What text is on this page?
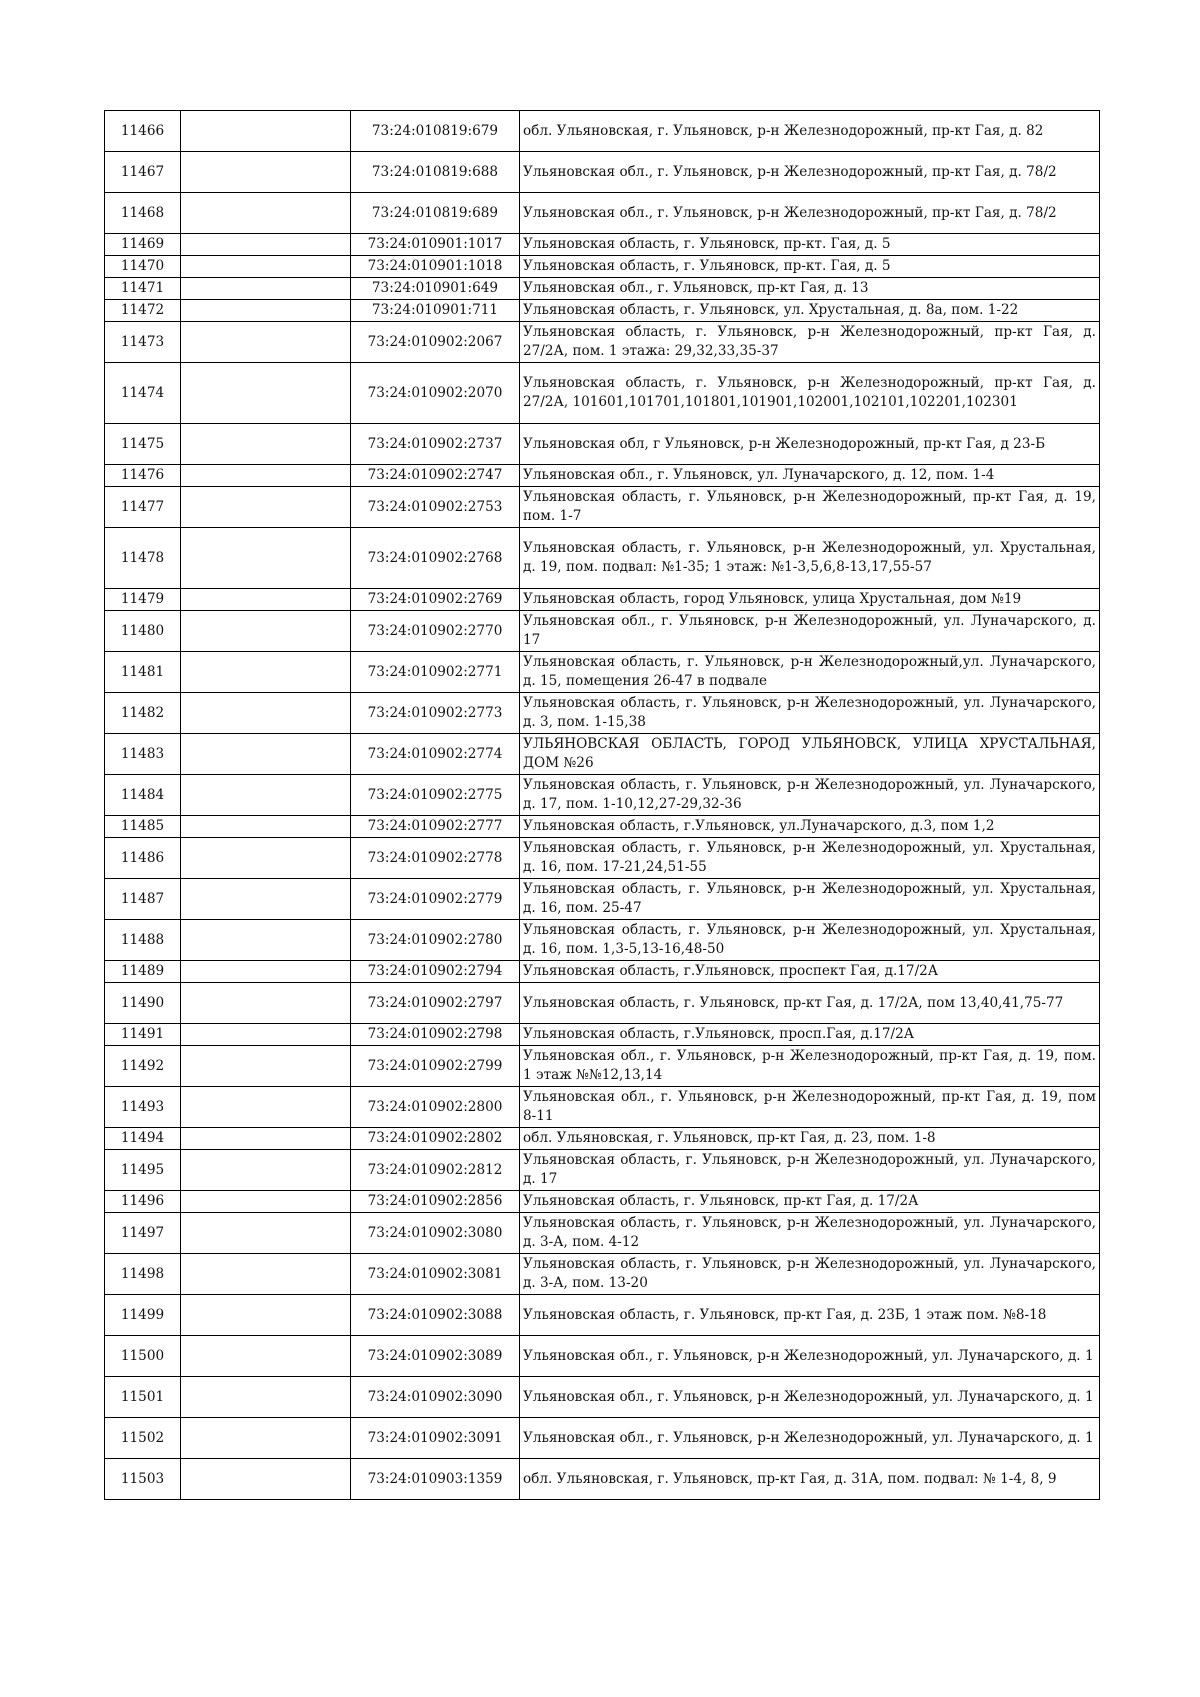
11466		73:24:010819:679	обл. Ульяновская, г. Ульяновск, р-н Железнодорожный, пр-кт Гая, д. 82
11467		73:24:010819:688	Ульяновская обл., г. Ульяновск, р-н Железнодорожный, пр-кт Гая, д. 78/2
11468		73:24:010819:689	Ульяновская обл., г. Ульяновск, р-н Железнодорожный, пр-кт Гая, д. 78/2
11469		73:24:010901:1017	Ульяновская область, г. Ульяновск, пр-кт. Гая, д. 5
11470		73:24:010901:1018	Ульяновская область, г. Ульяновск, пр-кт. Гая, д. 5
11471		73:24:010901:649	Ульяновская обл., г. Ульяновск, пр-кт Гая, д. 13
11472		73:24:010901:711	Ульяновская область, г. Ульяновск, ул. Хрустальная, д. 8а, пом. 1-22
11473		73:24:010902:2067	Ульяновская область, г. Ульяновск, р-н Железнодорожный, пр-кт Гая, д. 27/2А, пом. 1 этажа: 29,32,33,35-37
11474		73:24:010902:2070	Ульяновская область, г. Ульяновск, р-н Железнодорожный, пр-кт Гая, д. 27/2А, 101601,101701,101801,101901,102001,102101,102201,102301
11475		73:24:010902:2737	Ульяновская обл, г Ульяновск, р-н Железнодорожный, пр-кт Гая, д 23-Б
11476		73:24:010902:2747	Ульяновская обл., г. Ульяновск, ул. Луначарского, д. 12, пом. 1-4
11477		73:24:010902:2753	Ульяновская область, г. Ульяновск, р-н Железнодорожный, пр-кт Гая, д. 19, пом. 1-7
11478		73:24:010902:2768	Ульяновская область, г. Ульяновск, р-н Железнодорожный, ул. Хрустальная, д. 19, пом. подвал: №1-35; 1 этаж: №1-3,5,6,8-13,17,55-57
11479		73:24:010902:2769	Ульяновская область, город Ульяновск, улица Хрустальная, дом №19
11480		73:24:010902:2770	Ульяновская обл., г. Ульяновск, р-н Железнодорожный, ул. Луначарского, д. 17
11481		73:24:010902:2771	Ульяновская область, г. Ульяновск, р-н Железнодорожный,ул. Луначарского, д. 15, помещения 26-47 в подвале
11482		73:24:010902:2773	Ульяновская область, г. Ульяновск, р-н Железнодорожный, ул. Луначарского, д. 3, пом. 1-15,38
11483		73:24:010902:2774	УЛЬЯНОВСКАЯ ОБЛАСТЬ, ГОРОД УЛЬЯНОВСК, УЛИЦА ХРУСТАЛЬНАЯ, ДОМ №26
11484		73:24:010902:2775	Ульяновская область, г. Ульяновск, р-н Железнодорожный, ул. Луначарского, д. 17, пом. 1-10,12,27-29,32-36
11485		73:24:010902:2777	Ульяновская область, г.Ульяновск, ул.Луначарского, д.3, пом 1,2
11486		73:24:010902:2778	Ульяновская область, г. Ульяновск, р-н Железнодорожный, ул. Хрустальная, д. 16, пом. 17-21,24,51-55
11487		73:24:010902:2779	Ульяновская область, г. Ульяновск, р-н Железнодорожный, ул. Хрустальная, д. 16, пом. 25-47
11488		73:24:010902:2780	Ульяновская область, г. Ульяновск, р-н Железнодорожный, ул. Хрустальная, д. 16, пом. 1,3-5,13-16,48-50
11489		73:24:010902:2794	Ульяновская область, г.Ульяновск, проспект Гая, д.17/2А
11490		73:24:010902:2797	Ульяновская область, г. Ульяновск, пр-кт Гая, д. 17/2А, пом 13,40,41,75-77
11491		73:24:010902:2798	Ульяновская область, г.Ульяновск, просп.Гая, д.17/2А
11492		73:24:010902:2799	Ульяновская обл., г. Ульяновск, р-н Железнодорожный, пр-кт Гая, д. 19, пом. 1 этаж №№12,13,14
11493		73:24:010902:2800	Ульяновская обл., г. Ульяновск, р-н Железнодорожный, пр-кт Гая, д. 19, пом 8-11
11494		73:24:010902:2802	обл. Ульяновская, г. Ульяновск, пр-кт Гая, д. 23, пом. 1-8
11495		73:24:010902:2812	Ульяновская область, г. Ульяновск, р-н Железнодорожный, ул. Луначарского, д. 17
11496		73:24:010902:2856	Ульяновская область, г. Ульяновск, пр-кт Гая, д. 17/2А
11497		73:24:010902:3080	Ульяновская область, г. Ульяновск, р-н Железнодорожный, ул. Луначарского, д. 3-А, пом. 4-12
11498		73:24:010902:3081	Ульяновская область, г. Ульяновск, р-н Железнодорожный, ул. Луначарского, д. 3-А, пом. 13-20
11499		73:24:010902:3088	Ульяновская область, г. Ульяновск, пр-кт Гая, д. 23Б, 1 этаж пом. №8-18
11500		73:24:010902:3089	Ульяновская обл., г. Ульяновск, р-н Железнодорожный, ул. Луначарского, д. 1
11501		73:24:010902:3090	Ульяновская обл., г. Ульяновск, р-н Железнодорожный, ул. Луначарского, д. 1
11502		73:24:010902:3091	Ульяновская обл., г. Ульяновск, р-н Железнодорожный, ул. Луначарского, д. 1
11503		73:24:010903:1359	обл. Ульяновская, г. Ульяновск, пр-кт Гая, д. 31А, пом. подвал: № 1-4, 8, 9
